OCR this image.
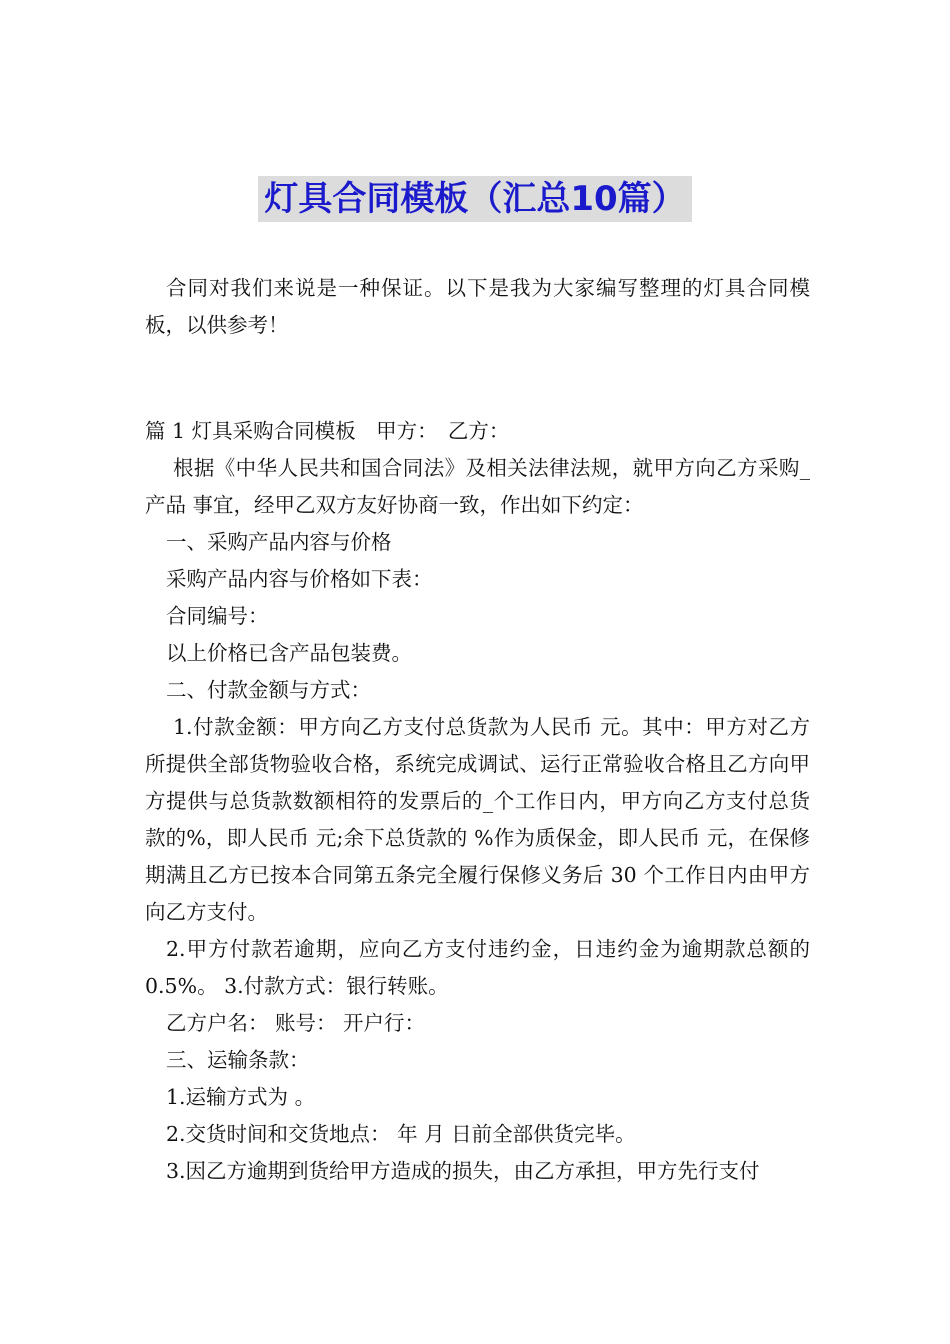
灯具合同模板（汇总10篇）

合同对我们来说是一种保证。以下是我为大家编写整理的灯具合同模板，以供参考！

篇 1 灯具采购合同模板　甲方：　乙方：

根据《中华人民共和国合同法》及相关法律法规，就甲方向乙方采购_产品 事宜，经甲乙双方友好协商一致，作出如下约定：

一、采购产品内容与价格

采购产品内容与价格如下表：

合同编号：

以上价格已含产品包装费。

二、付款金额与方式：

1.付款金额：甲方向乙方支付总货款为人民币 元。其中：甲方对乙方所提供全部货物验收合格，系统完成调试、运行正常验收合格且乙方向甲方提供与总货款数额相符的发票后的_个工作日内，甲方向乙方支付总货款的%，即人民币 元;余下总货款的 %作为质保金，即人民币 元，在保修期满且乙方已按本合同第五条完全履行保修义务后 30 个工作日内由甲方向乙方支付。

2.甲方付款若逾期，应向乙方支付违约金，日违约金为逾期款总额的 0.5%。 3.付款方式：银行转账。

乙方户名： 账号： 开户行：

三、运输条款：

1.运输方式为 。

2.交货时间和交货地点： 年 月 日前全部供货完毕。

3.因乙方逾期到货给甲方造成的损失，由乙方承担，甲方先行支付
